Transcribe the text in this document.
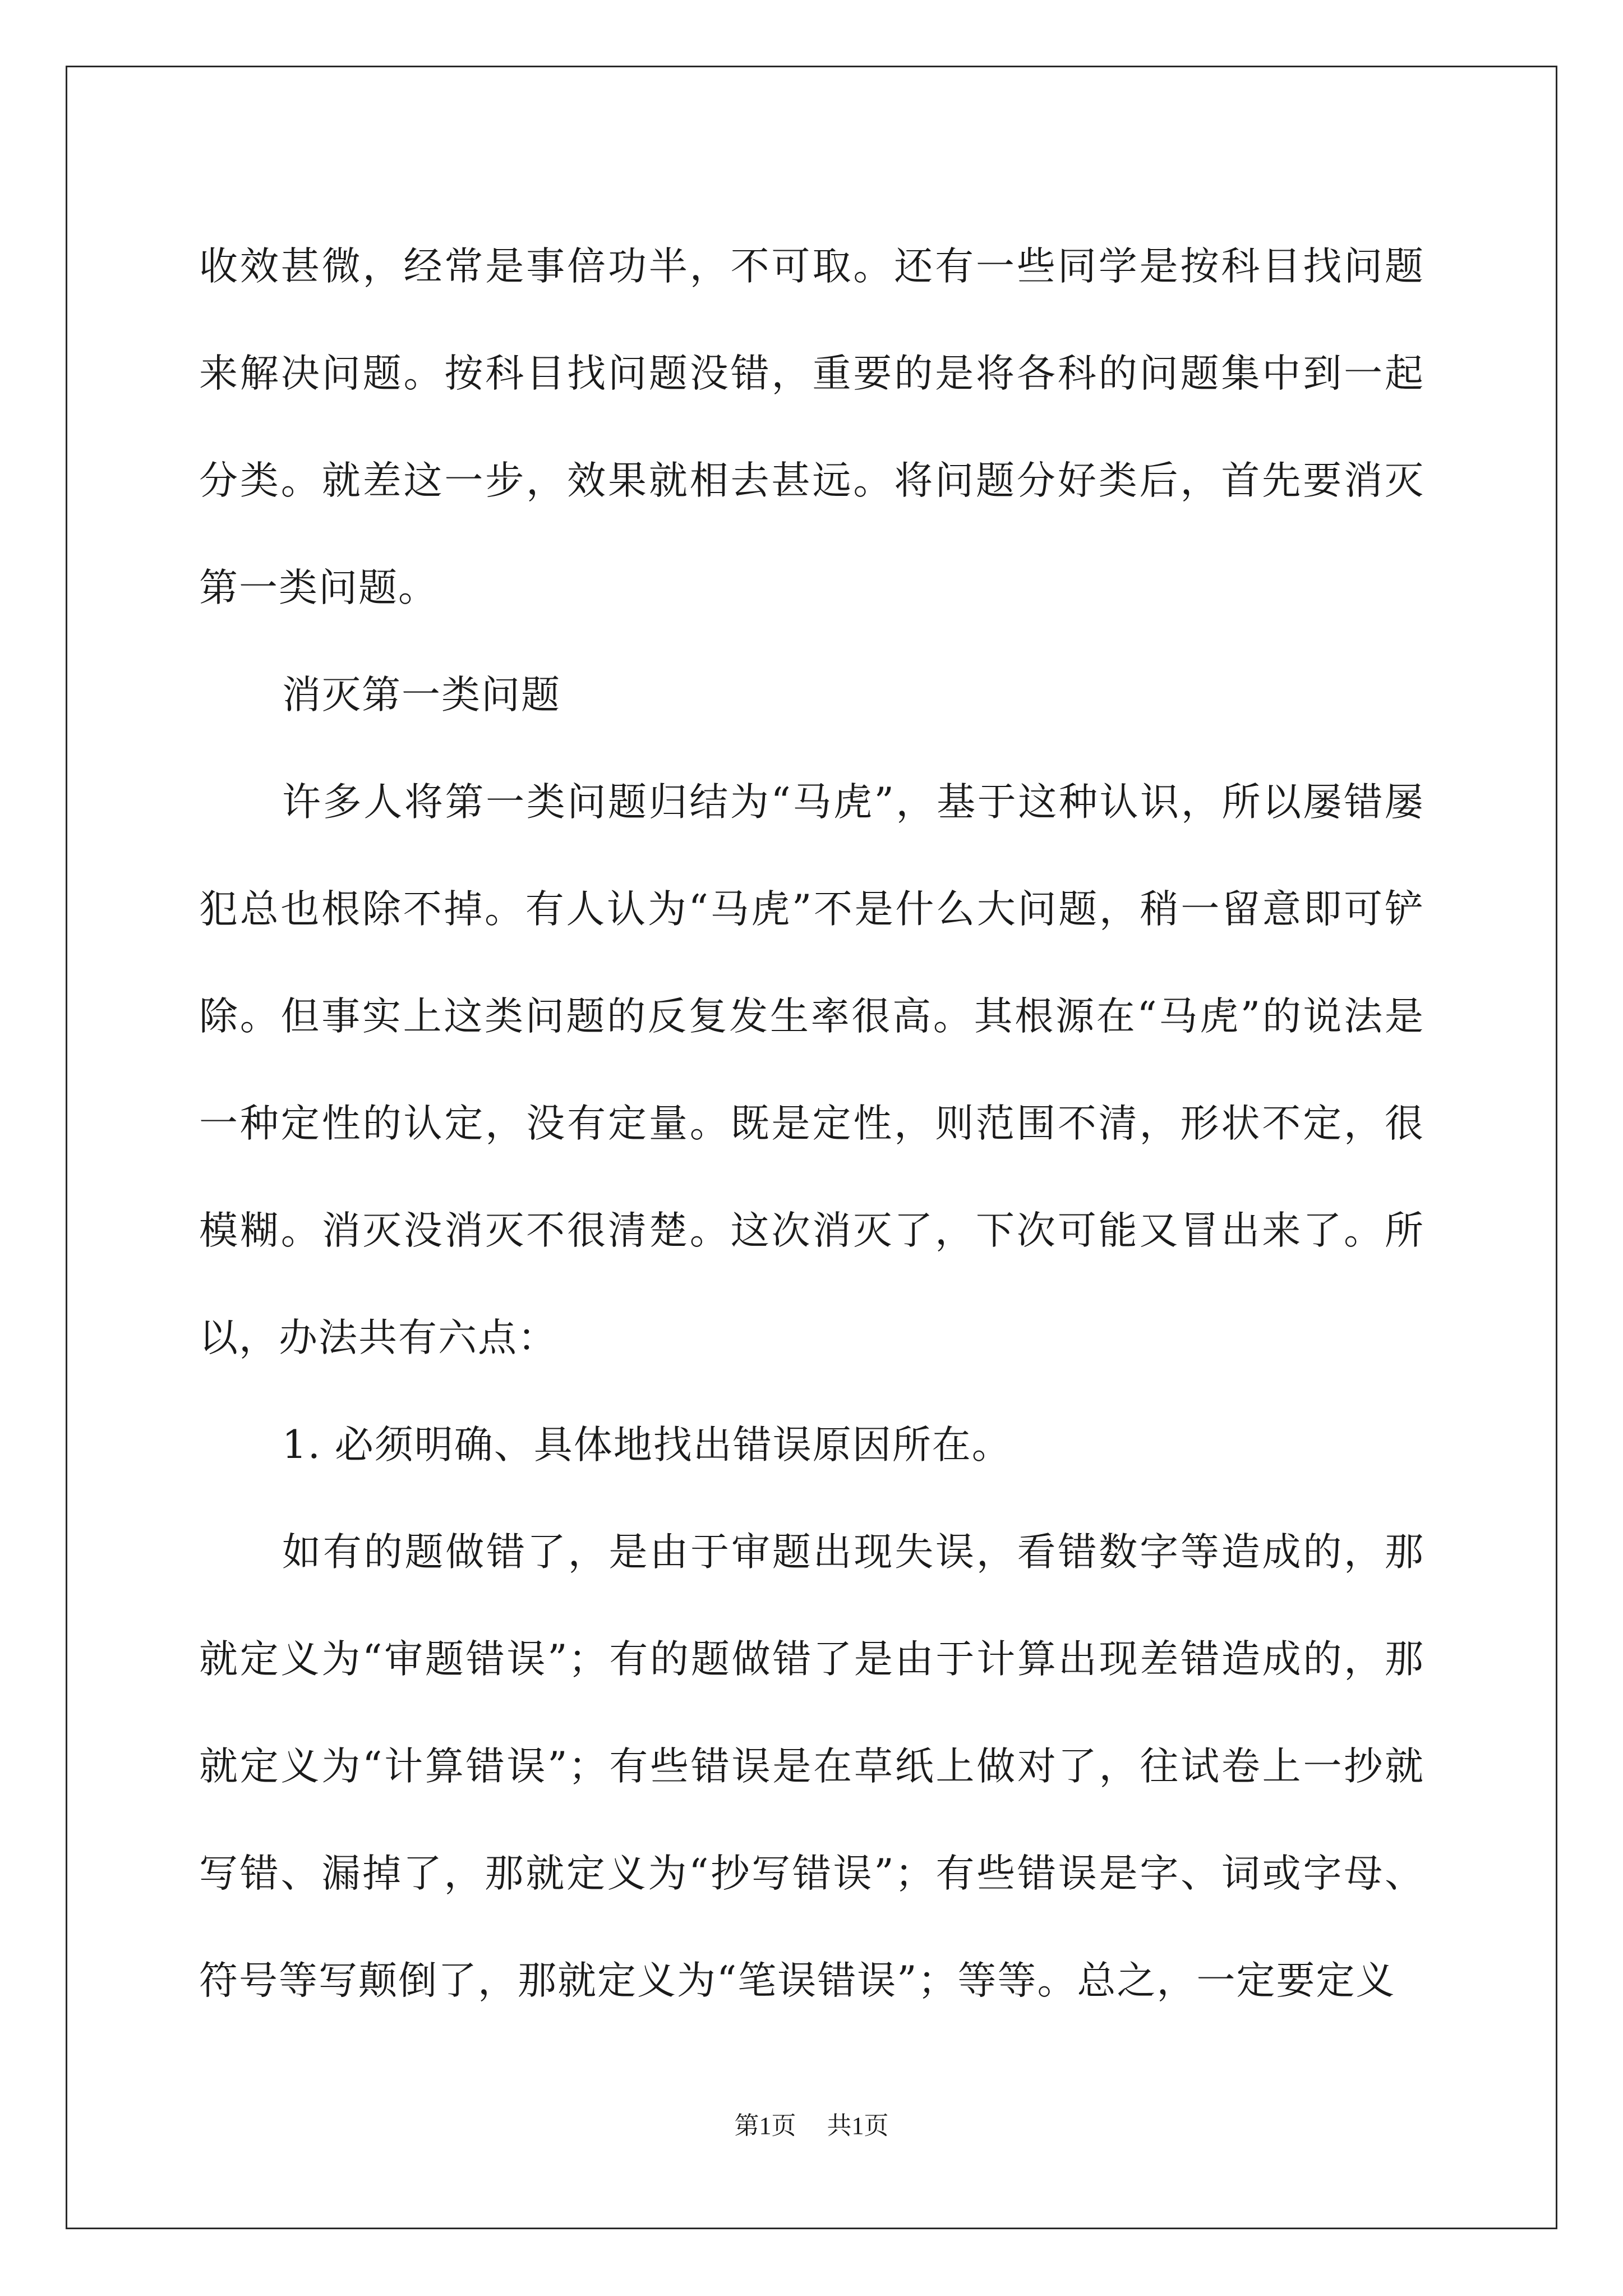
收效甚微，经常是事倍功半，不可取。还有一些同学是按科目找问题来解决问题。按科目找问题没错，重要的是将各科的问题集中到一起分类。就差这一步，效果就相去甚远。将问题分好类后，首先要消灭第一类问题。

消灭第一类问题

许多人将第一类问题归结为“马虎”，基于这种认识，所以屡错屡犯总也根除不掉。有人认为“马虎”不是什么大问题，稍一留意即可铲除。但事实上这类问题的反复发生率很高。其根源在“马虎”的说法是一种定性的认定，没有定量。既是定性，则范围不清，形状不定，很模糊。消灭没消灭不很清楚。这次消灭了，下次可能又冒出来了。所以，办法共有六点：

1. 必须明确、具体地找出错误原因所在。

如有的题做错了，是由于审题出现失误，看错数字等造成的，那就定义为“审题错误”；有的题做错了是由于计算出现差错造成的，那就定义为“计算错误”；有些错误是在草纸上做对了，往试卷上一抄就写错、漏掉了，那就定义为“抄写错误”；有些错误是字、词或字母、符号等写颠倒了，那就定义为“笔误错误”；等等。总之，一定要定义

第1页 共1页
